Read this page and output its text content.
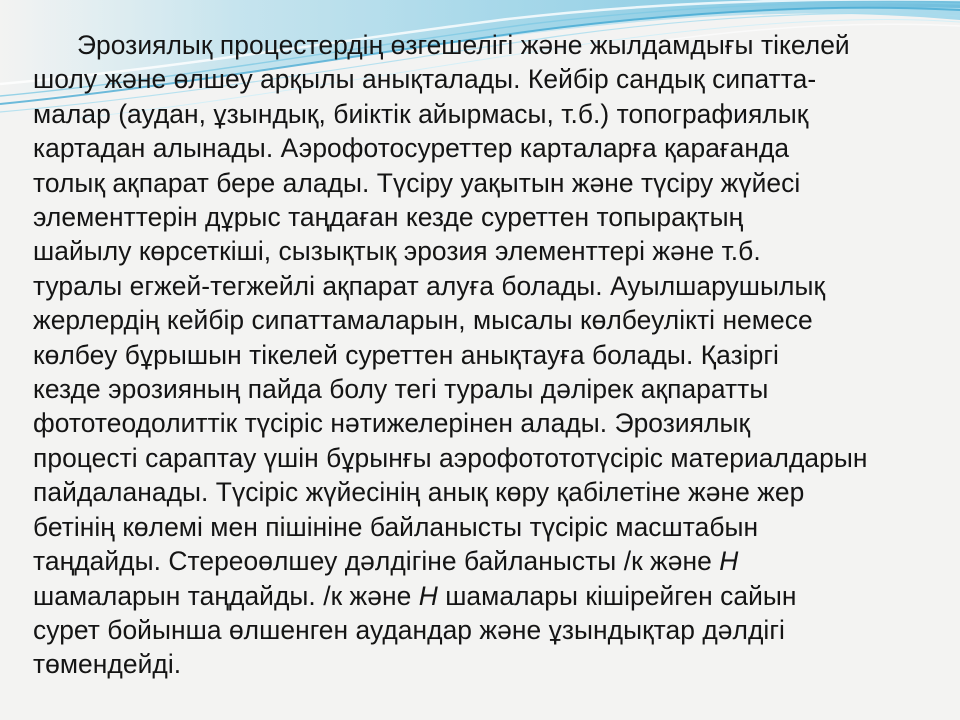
Эрозиялық процестердің өзгешелігі және жылдамдығы тікелей
шолу және өлшеу арқылы анықталады. Кейбір сандық сипатта-
малар (аудан, ұзындық, биіктік айырмасы, т.б.) топографиялық
картадан алынады. Аэрофотосуреттер карталарға қарағанда
толық ақпарат бере алады. Түсіру уақытын және түсіру жүйесі
элементтерін дұрыс таңдаған кезде суреттен топырақтың
шайылу көрсеткіші, сызықтық эрозия элементтері және т.б.
туралы егжей-тегжейлі ақпарат алуға болады. Ауылшарушылық
жерлердің кейбір сипаттамаларын, мысалы көлбеулікті немесе
көлбеу бұрышын тікелей суреттен анықтауға болады. Қазіргі
кезде эрозияның пайда болу тегі туралы дәлірек ақпаратты
фототеодолиттік түсіріс нәтижелерінен алады. Эрозиялық
процесті сараптау үшін бұрынғы аэрофотототүсіріс материалдарын
пайдаланады. Түсіріс жүйесінің анық көру қабілетіне және жер
бетінің көлемі мен пішініне байланысты түсіріс масштабын
таңдайды. Стереоөлшеу дәлдігіне байланысты /к және H
шамаларын таңдайды. /к және H шамалары кішірейген сайын
сурет бойынша өлшенген аудандар және ұзындықтар дәлдігі
төмендейді.
